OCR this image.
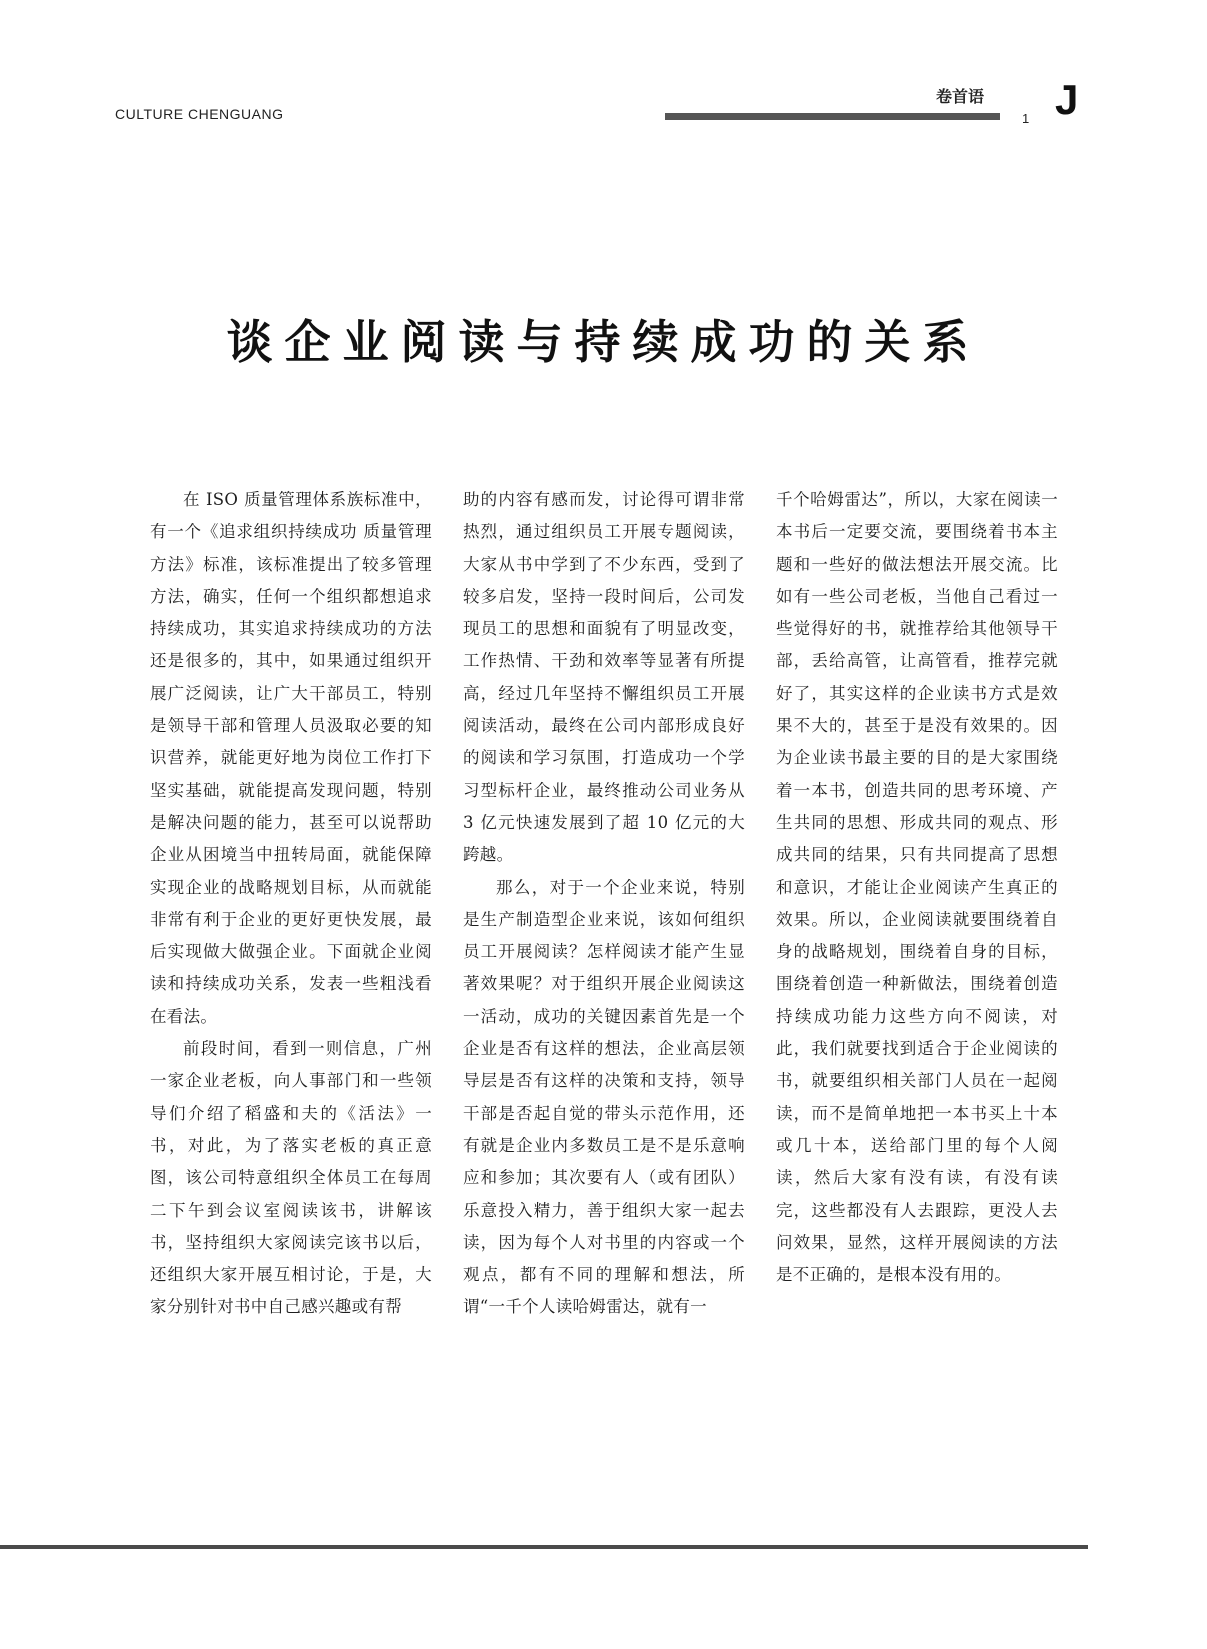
CULTURE CHENGUANG
卷首语
1 J
谈企业阅读与持续成功的关系

在 ISO 质量管理体系族标准中，有一个《追求组织持续成功 质量管理方法》标准，该标准提出了较多管理方法，确实，任何一个组织都想追求持续成功，其实追求持续成功的方法还是很多的，其中，如果通过组织开展广泛阅读，让广大干部员工，特别是领导干部和管理人员汲取必要的知识营养，就能更好地为岗位工作打下坚实基础，就能提高发现问题，特别是解决问题的能力，甚至可以说帮助企业从困境当中扭转局面，就能保障实现企业的战略规划目标，从而就能非常有利于企业的更好更快发展，最后实现做大做强企业。下面就企业阅读和持续成功关系，发表一些粗浅看在看法。

前段时间，看到一则信息，广州一家企业老板，向人事部门和一些领导们介绍了稻盛和夫的《活法》一书，对此，为了落实老板的真正意图，该公司特意组织全体员工在每周二下午到会议室阅读该书，讲解该书，坚持组织大家阅读完该书以后，还组织大家开展互相讨论，于是，大家分别针对书中自己感兴趣或有帮

助的内容有感而发，讨论得可谓非常热烈，通过组织员工开展专题阅读，大家从书中学到了不少东西，受到了较多启发，坚持一段时间后，公司发现员工的思想和面貌有了明显改变，工作热情、干劲和效率等显著有所提高，经过几年坚持不懈组织员工开展阅读活动，最终在公司内部形成良好的阅读和学习氛围，打造成功一个学习型标杆企业，最终推动公司业务从 3 亿元快速发展到了超 10 亿元的大跨越。

那么，对于一个企业来说，特别是生产制造型企业来说，该如何组织员工开展阅读？怎样阅读才能产生显著效果呢？对于组织开展企业阅读这一活动，成功的关键因素首先是一个企业是否有这样的想法，企业高层领导层是否有这样的决策和支持，领导干部是否起自觉的带头示范作用，还有就是企业内多数员工是不是乐意响应和参加；其次要有人（或有团队）乐意投入精力，善于组织大家一起去读，因为每个人对书里的内容或一个观点，都有不同的理解和想法，所谓“一千个人读哈姆雷达，就有一

千个哈姆雷达”，所以，大家在阅读一本书后一定要交流，要围绕着书本主题和一些好的做法想法开展交流。比如有一些公司老板，当他自己看过一些觉得好的书，就推荐给其他领导干部，丢给高管，让高管看，推荐完就好了，其实这样的企业读书方式是效果不大的，甚至于是没有效果的。因为企业读书最主要的目的是大家围绕着一本书，创造共同的思考环境、产生共同的思想、形成共同的观点、形成共同的结果，只有共同提高了思想和意识，才能让企业阅读产生真正的效果。所以，企业阅读就要围绕着自身的战略规划，围绕着自身的目标，围绕着创造一种新做法，围绕着创造持续成功能力这些方向不阅读，对此，我们就要找到适合于企业阅读的书，就要组织相关部门人员在一起阅读，而不是简单地把一本书买上十本或几十本，送给部门里的每个人阅读，然后大家有没有读，有没有读完，这些都没有人去跟踪，更没人去问效果，显然，这样开展阅读的方法是不正确的，是根本没有用的。
